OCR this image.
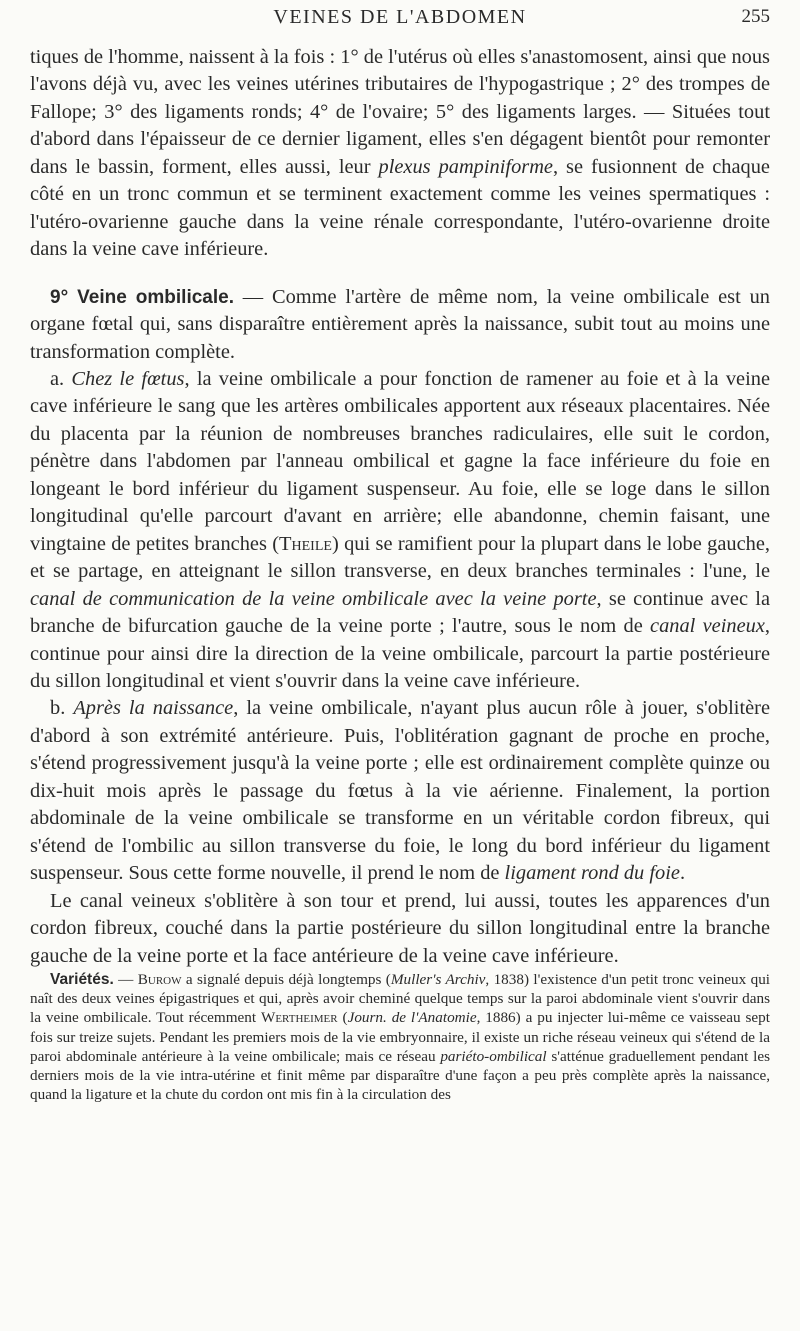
VEINES DE L'ABDOMEN	255

tiques de l'homme, naissent à la fois : 1° de l'utérus où elles s'anastomosent, ainsi que nous l'avons déjà vu, avec les veines utérines tributaires de l'hypogastrique ; 2° des trompes de Fallope; 3° des ligaments ronds; 4° de l'ovaire; 5° des ligaments larges. — Situées tout d'abord dans l'épaisseur de ce dernier ligament, elles s'en dégagent bientôt pour remonter dans le bassin, forment, elles aussi, leur plexus pampiniforme, se fusionnent de chaque côté en un tronc commun et se terminent exactement comme les veines spermatiques : l'utéro-ovarienne gauche dans la veine rénale correspondante, l'utéro-ovarienne droite dans la veine cave inférieure.

9° Veine ombilicale. — Comme l'artère de même nom, la veine ombilicale est un organe fœtal qui, sans disparaître entièrement après la naissance, subit tout au moins une transformation complète.

a. Chez le fœtus, la veine ombilicale a pour fonction de ramener au foie et à la veine cave inférieure le sang que les artères ombilicales apportent aux réseaux placentaires. Née du placenta par la réunion de nombreuses branches radiculaires, elle suit le cordon, pénètre dans l'abdomen par l'anneau ombilical et gagne la face inférieure du foie en longeant le bord inférieur du ligament suspenseur. Au foie, elle se loge dans le sillon longitudinal qu'elle parcourt d'avant en arrière; elle abandonne, chemin faisant, une vingtaine de petites branches (Theile) qui se ramifient pour la plupart dans le lobe gauche, et se partage, en atteignant le sillon transverse, en deux branches terminales : l'une, le canal de communication de la veine ombilicale avec la veine porte, se continue avec la branche de bifurcation gauche de la veine porte ; l'autre, sous le nom de canal veineux, continue pour ainsi dire la direction de la veine ombilicale, parcourt la partie postérieure du sillon longitudinal et vient s'ouvrir dans la veine cave inférieure.

b. Après la naissance, la veine ombilicale, n'ayant plus aucun rôle à jouer, s'oblitère d'abord à son extrémité antérieure. Puis, l'oblitération gagnant de proche en proche, s'étend progressivement jusqu'à la veine porte ; elle est ordinairement complète quinze ou dix-huit mois après le passage du fœtus à la vie aérienne. Finalement, la portion abdominale de la veine ombilicale se transforme en un véritable cordon fibreux, qui s'étend de l'ombilic au sillon transverse du foie, le long du bord inférieur du ligament suspenseur. Sous cette forme nouvelle, il prend le nom de ligament rond du foie.

Le canal veineux s'oblitère à son tour et prend, lui aussi, toutes les apparences d'un cordon fibreux, couché dans la partie postérieure du sillon longitudinal entre la branche gauche de la veine porte et la face antérieure de la veine cave inférieure.

Variétés. — Burow a signalé depuis déjà longtemps (Muller's Archiv, 1838) l'existence d'un petit tronc veineux qui naît des deux veines épigastriques et qui, après avoir cheminé quelque temps sur la paroi abdominale vient s'ouvrir dans la veine ombilicale. Tout récemment Wertheimer (Journ. de l'Anatomie, 1886) a pu injecter lui-même ce vaisseau sept fois sur treize sujets. Pendant les premiers mois de la vie embryonnaire, il existe un riche réseau veineux qui s'étend de la paroi abdominale antérieure à la veine ombilicale; mais ce réseau pariéto-ombilical s'atténue graduellement pendant les derniers mois de la vie intra-utérine et finit même par disparaître d'une façon a peu près complète après la naissance, quand la ligature et la chute du cordon ont mis fin à la circulation des
